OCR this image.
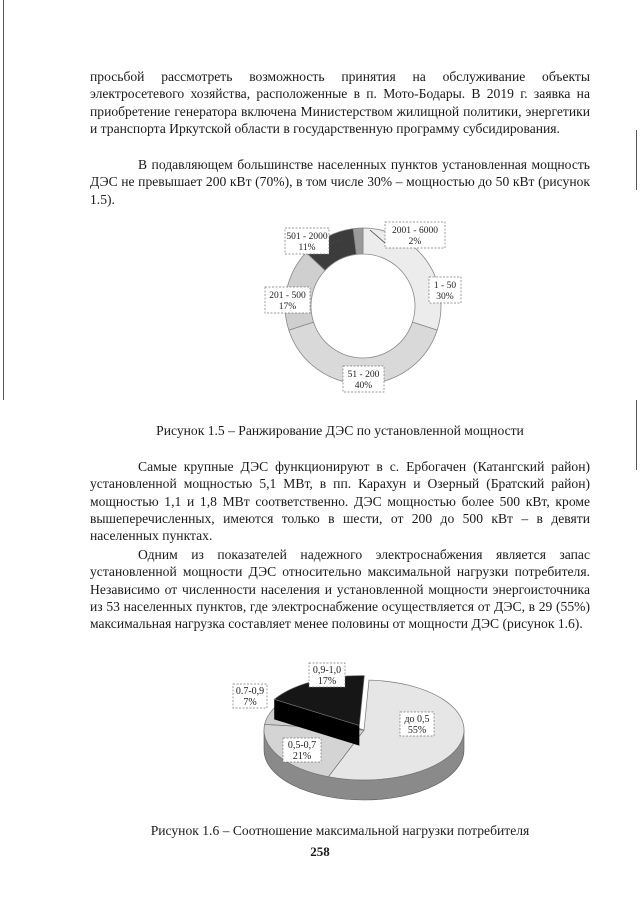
просьбой рассмотреть возможность принятия на обслуживание объекты электросетевого хозяйства, расположенные в п. Мото-Бодары. В 2019 г. заявка на приобретение генератора включена Министерством жилищной политики, энергетики и транспорта Иркутской области в государственную программу субсидирования.

В подавляющем большинстве населенных пунктов установленная мощность ДЭС не превышает 200 кВт (70%), в том числе 30% – мощностью до 50 кВт (рисунок 1.5).

1 - 50
30%
51 - 200
40%
201 - 500
17%
501 - 2000
11%
2001 - 6000
2%

Рисунок 1.5 – Ранжирование ДЭС по установленной мощности

Самые крупные ДЭС функционируют в с. Ербогачен (Катангский район) установленной мощностью 5,1 МВт, в пп. Карахун и Озерный (Братский район) мощностью 1,1 и 1,8 МВт соответственно. ДЭС мощностью более 500 кВт, кроме вышеперечисленных, имеются только в шести, от 200 до 500 кВт – в девяти населенных пунктах.

Одним из показателей надежного электроснабжения является запас установленной мощности ДЭС относительно максимальной нагрузки потребителя. Независимо от численности населения и установленной мощности энергоисточника из 53 населенных пунктов, где электроснабжение осуществляется от ДЭС, в 29 (55%) максимальная нагрузка составляет менее половины от мощности ДЭС (рисунок 1.6).

до 0,5
55%
0,5-0,7
21%
0.7-0,9
7%
0,9-1,0
17%

Рисунок 1.6 – Соотношение максимальной нагрузки потребителя

258
